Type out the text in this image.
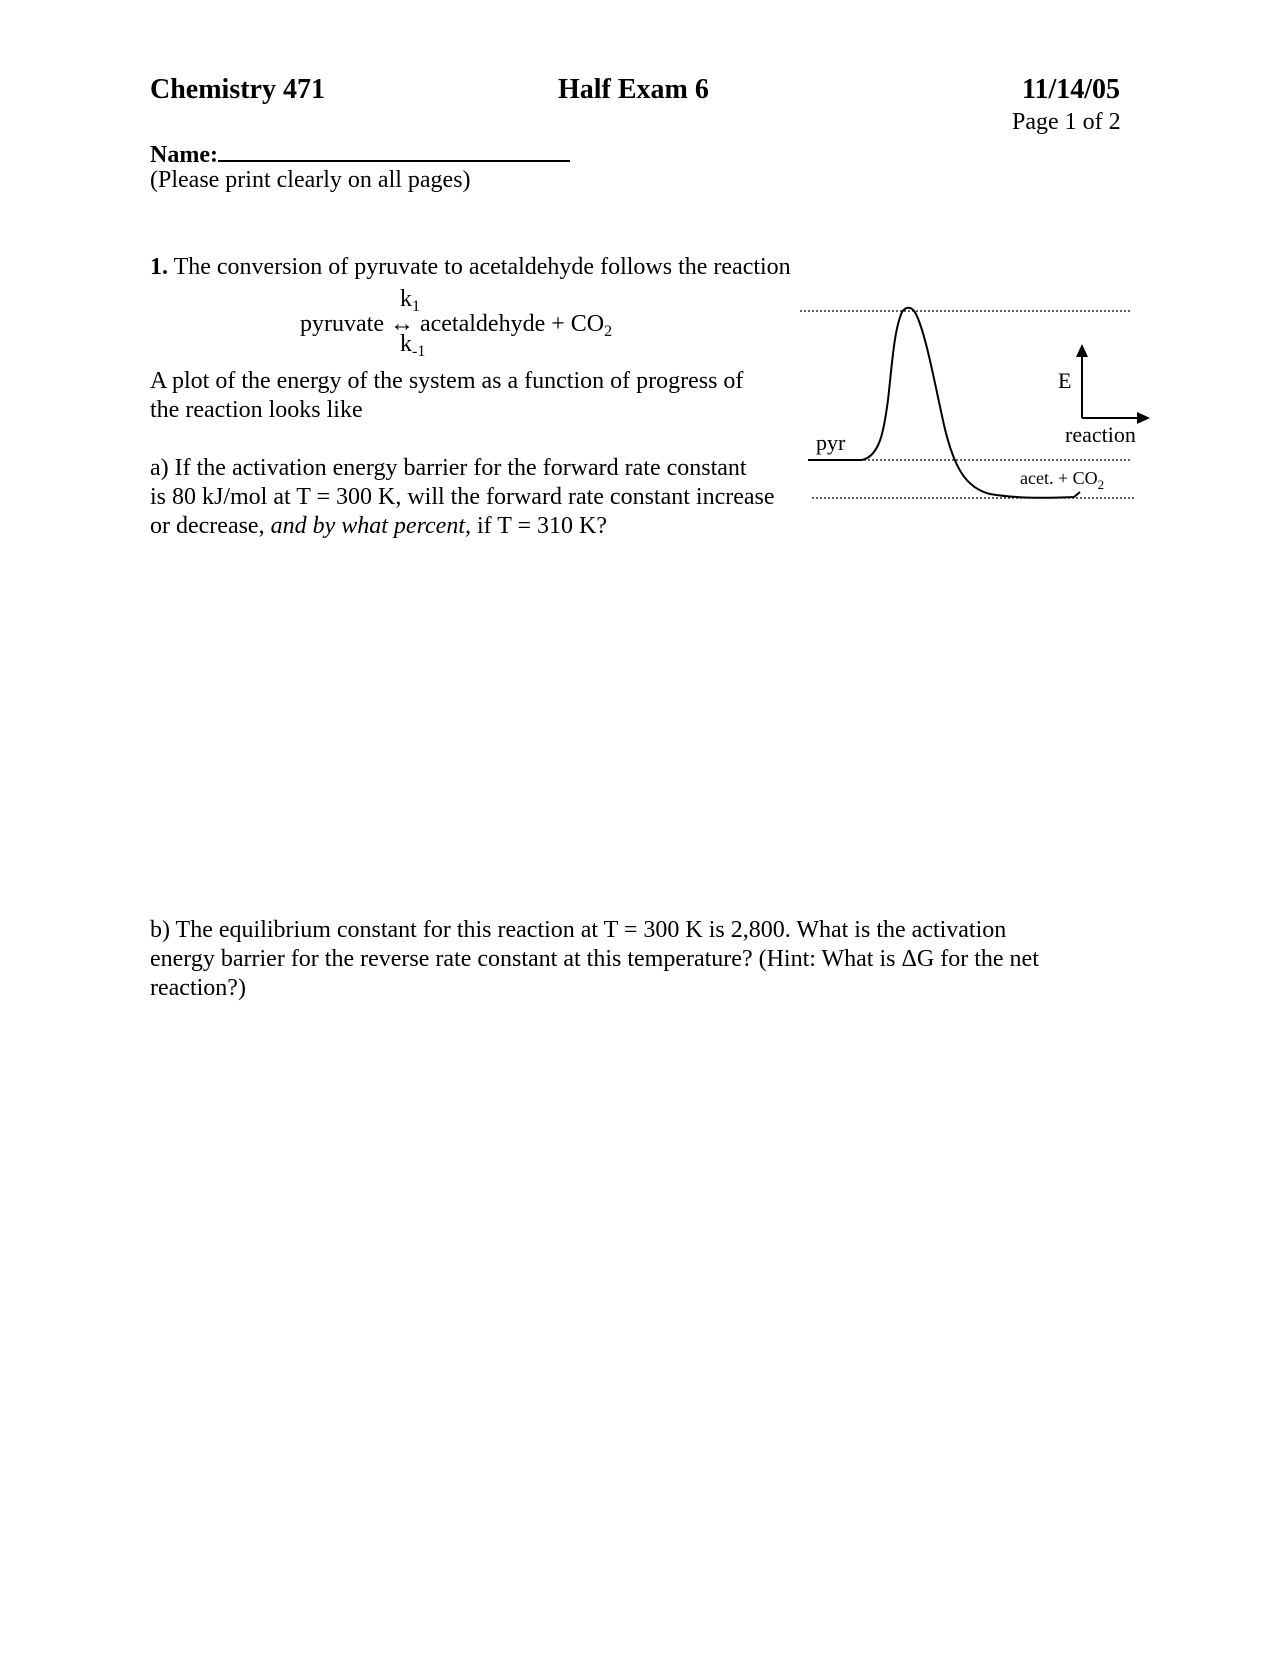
Chemistry 471	Half Exam 6	11/14/05
Page 1 of 2
Name:
(Please print clearly on all pages)
1. The conversion of pyruvate to acetaldehyde follows the reaction
$k_1$
pyruvate ↔ acetaldehyde + $CO_2$
$k_{-1}$
A plot of the energy of the system as a function of progress of
the reaction looks like
a) If the activation energy barrier for the forward rate constant
is 80 kJ/mol at T = 300 K, will the forward rate constant increase
or decrease, and by what percent, if T = 310 K?
E
reaction
pyr
acet. + $CO_2$
b) The equilibrium constant for this reaction at T = 300 K is 2,800. What is the activation
energy barrier for the reverse rate constant at this temperature? (Hint: What is ΔG for the net
reaction?)
